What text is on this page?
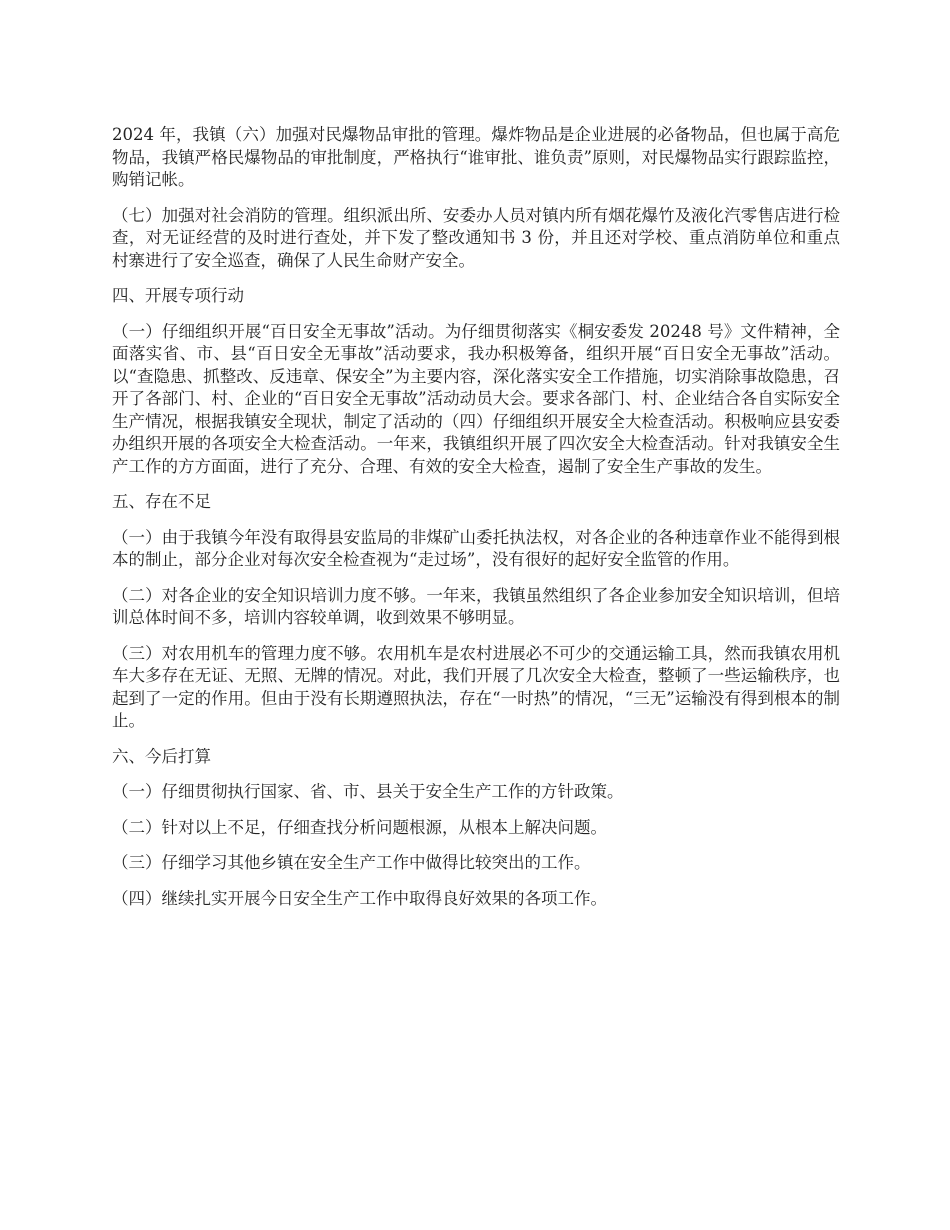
2024 年，我镇（六）加强对民爆物品审批的管理。爆炸物品是企业进展的必备物品，但也属于高危物品，我镇严格民爆物品的审批制度，严格执行“谁审批、谁负责”原则，对民爆物品实行跟踪监控，购销记帐。

（七）加强对社会消防的管理。组织派出所、安委办人员对镇内所有烟花爆竹及液化汽零售店进行检查，对无证经营的及时进行查处，并下发了整改通知书 3 份，并且还对学校、重点消防单位和重点村寨进行了安全巡查，确保了人民生命财产安全。

四、开展专项行动

（一）仔细组织开展“百日安全无事故”活动。为仔细贯彻落实《桐安委发 20248 号》文件精神，全面落实省、市、县“百日安全无事故”活动要求，我办积极筹备，组织开展“百日安全无事故”活动。以“查隐患、抓整改、反违章、保安全”为主要内容，深化落实安全工作措施，切实消除事故隐患，召开了各部门、村、企业的“百日安全无事故”活动动员大会。要求各部门、村、企业结合各自实际安全生产情况，根据我镇安全现状，制定了活动的（四）仔细组织开展安全大检查活动。积极响应县安委办组织开展的各项安全大检查活动。一年来，我镇组织开展了四次安全大检查活动。针对我镇安全生产工作的方方面面，进行了充分、合理、有效的安全大检查，遏制了安全生产事故的发生。

五、存在不足

（一）由于我镇今年没有取得县安监局的非煤矿山委托执法权，对各企业的各种违章作业不能得到根本的制止，部分企业对每次安全检查视为“走过场”，没有很好的起好安全监管的作用。

（二）对各企业的安全知识培训力度不够。一年来，我镇虽然组织了各企业参加安全知识培训，但培训总体时间不多，培训内容较单调，收到效果不够明显。

（三）对农用机车的管理力度不够。农用机车是农村进展必不可少的交通运输工具，然而我镇农用机车大多存在无证、无照、无牌的情况。对此，我们开展了几次安全大检查，整顿了一些运输秩序，也起到了一定的作用。但由于没有长期遵照执法，存在“一时热”的情况，“三无”运输没有得到根本的制止。

六、今后打算

（一）仔细贯彻执行国家、省、市、县关于安全生产工作的方针政策。

（二）针对以上不足，仔细查找分析问题根源，从根本上解决问题。

（三）仔细学习其他乡镇在安全生产工作中做得比较突出的工作。

（四）继续扎实开展今日安全生产工作中取得良好效果的各项工作。
